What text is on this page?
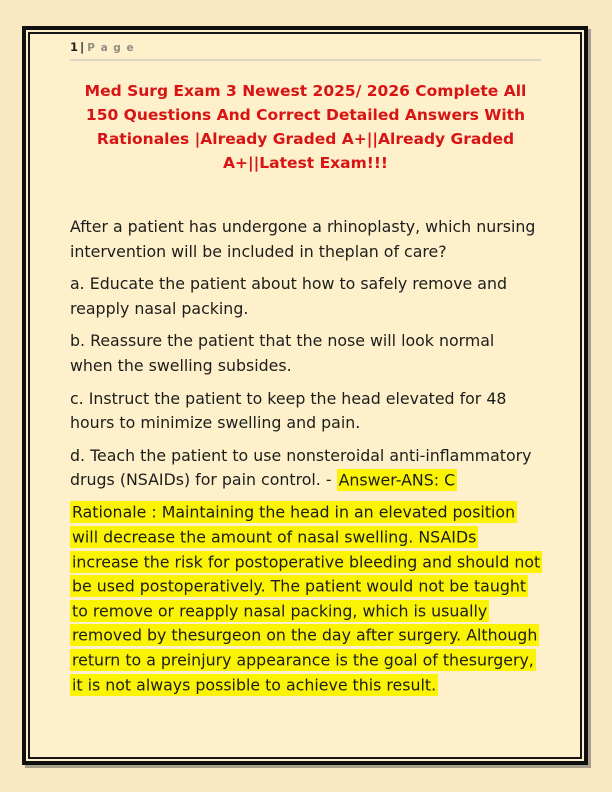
1 | P a g e
Med Surg Exam 3 Newest 2025/ 2026 Complete All 150 Questions And Correct Detailed Answers With Rationales |Already Graded A+||Already Graded A+||Latest Exam!!!

After a patient has undergone a rhinoplasty, which nursing intervention will be included in theplan of care?

a. Educate the patient about how to safely remove and reapply nasal packing.

b. Reassure the patient that the nose will look normal when the swelling subsides.

c. Instruct the patient to keep the head elevated for 48 hours to minimize swelling and pain.

d. Teach the patient to use nonsteroidal anti-inflammatory drugs (NSAIDs) for pain control. - Answer-ANS: C

Rationale : Maintaining the head in an elevated position will decrease the amount of nasal swelling. NSAIDs increase the risk for postoperative bleeding and should not be used postoperatively. The patient would not be taught to remove or reapply nasal packing, which is usually removed by thesurgeon on the day after surgery. Although return to a preinjury appearance is the goal of thesurgery, it is not always possible to achieve this result.
